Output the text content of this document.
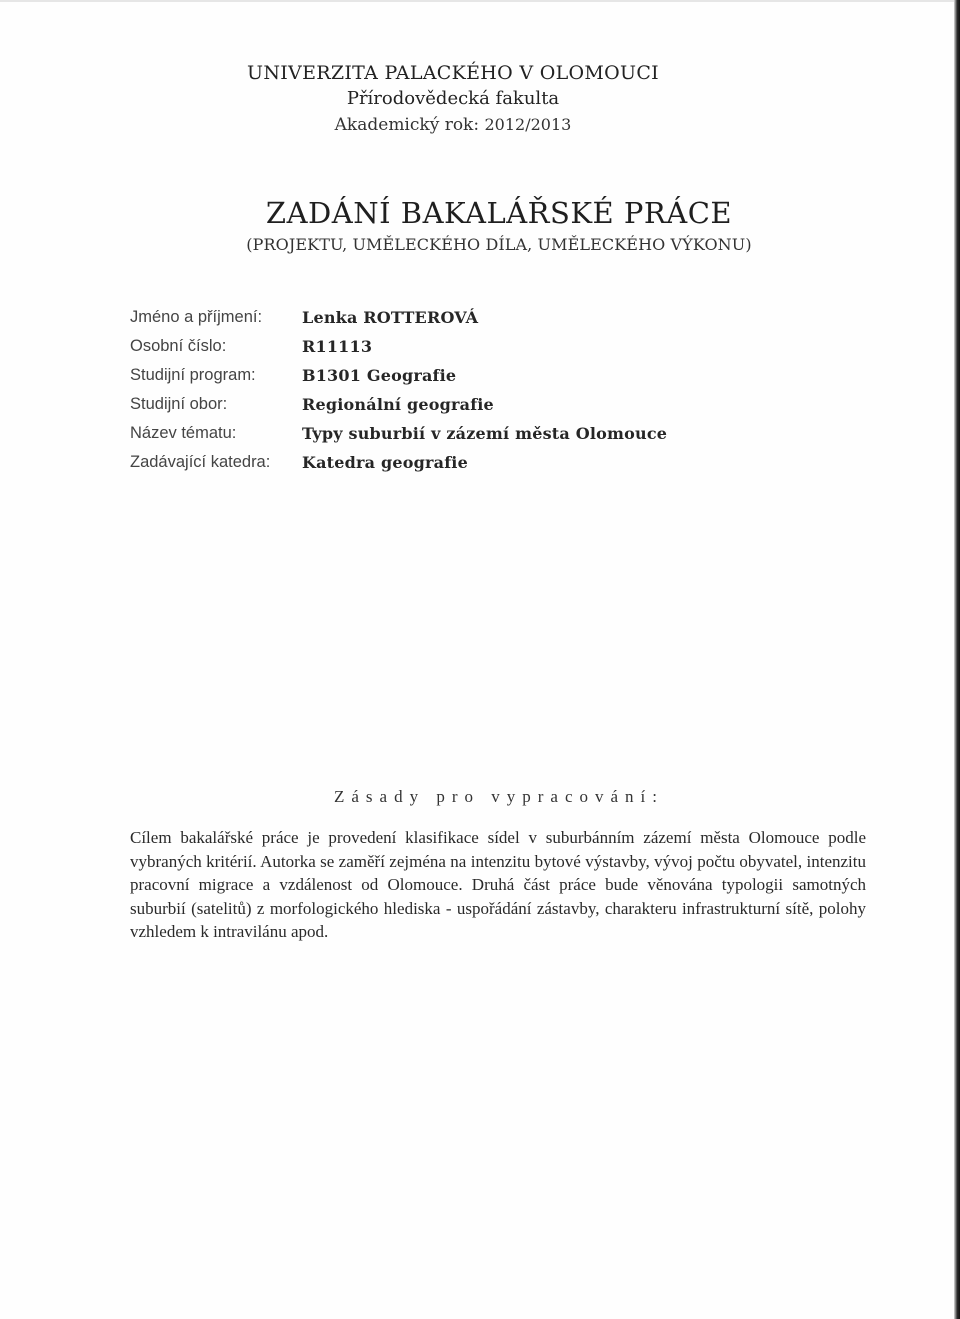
UNIVERZITA PALACKÉHO V OLOMOUCI
Přírodovědecká fakulta
Akademický rok: 2012/2013
ZADÁNÍ BAKALÁŘSKÉ PRÁCE
(PROJEKTU, UMĚLECKÉHO DÍLA, UMĚLECKÉHO VÝKONU)
Jméno a příjmení:	Lenka ROTTEROVÁ
Osobní číslo:	R11113
Studijní program:	B1301 Geografie
Studijní obor:	Regionální geografie
Název tématu:	Typy suburbií v zázemí města Olomouce
Zadávající katedra:	Katedra geografie
Zásady pro vypracování:

Cílem bakalářské práce je provedení klasifikace sídel v suburbánním zázemí města Olomouce podle vybraných kritérií. Autorka se zaměří zejména na intenzitu bytové výstavby, vývoj počtu obyvatel, intenzitu pracovní migrace a vzdálenost od Olomouce. Druhá část práce bude věnována typologii samotných suburbií (satelitů) z morfologického hlediska - uspořádání zástavby, charakteru infrastrukturní sítě, polohy vzhledem k intravilánu apod.
